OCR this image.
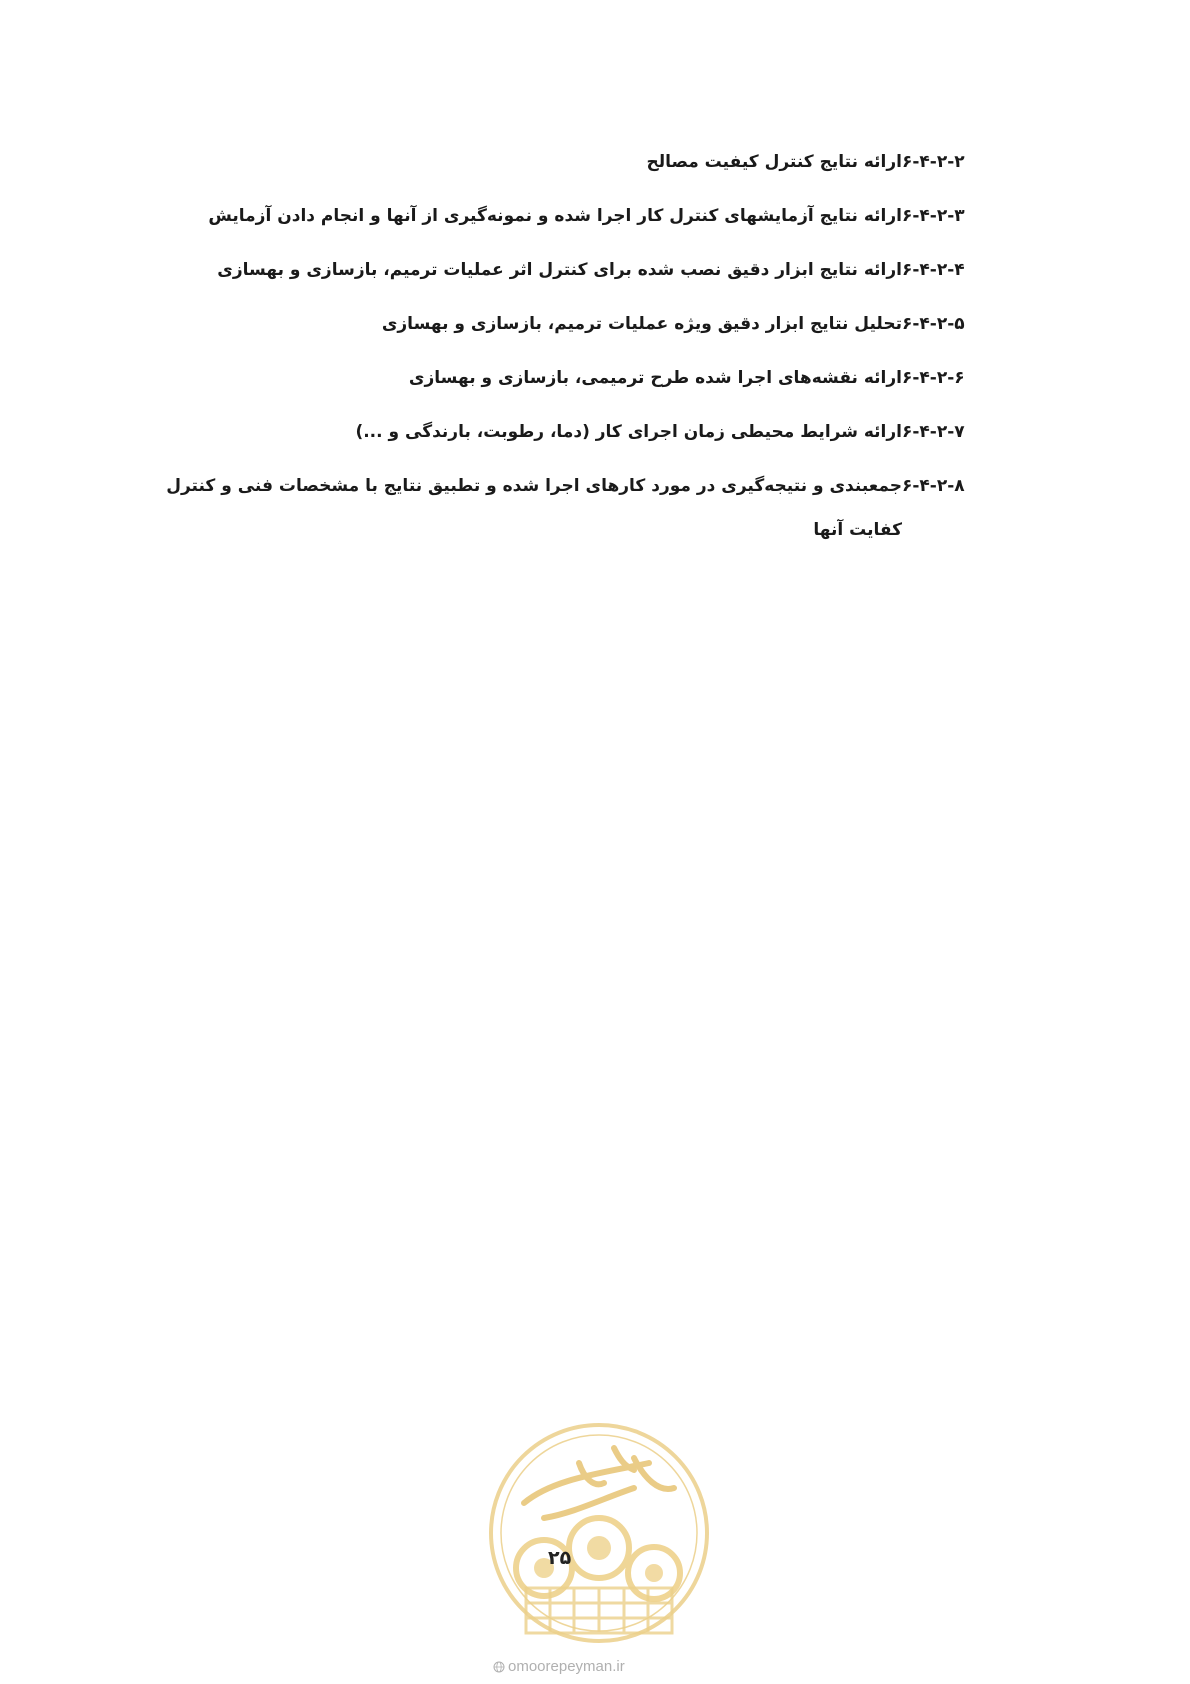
۶-۴-۲-۲
ارائه نتایج کنترل کیفیت مصالح
۶-۴-۲-۳
ارائه نتایج آزمایشهای کنترل کار اجرا شده و نمونه‌گیری از آنها و انجام دادن آزمایش
۶-۴-۲-۴
ارائه نتایج ابزار دقیق نصب شده برای کنترل اثر عملیات ترمیم، بازسازی و بهسازی
۶-۴-۲-۵
تحلیل نتایج ابزار دقیق ویژه عملیات ترمیم، بازسازی و بهسازی
۶-۴-۲-۶
ارائه نقشه‌های اجرا شده طرح ترمیمی، بازسازی و بهسازی
۶-۴-۲-۷
ارائه شرایط محیطی زمان اجرای کار (دما، رطوبت، بارندگی و ...)
۶-۴-۲-۸
جمعبندی و نتیجه‌گیری در مورد کارهای اجرا شده و تطبیق نتایج با مشخصات فنی و کنترل کفایت آنها
۲۵
omoorepeyman.ir
